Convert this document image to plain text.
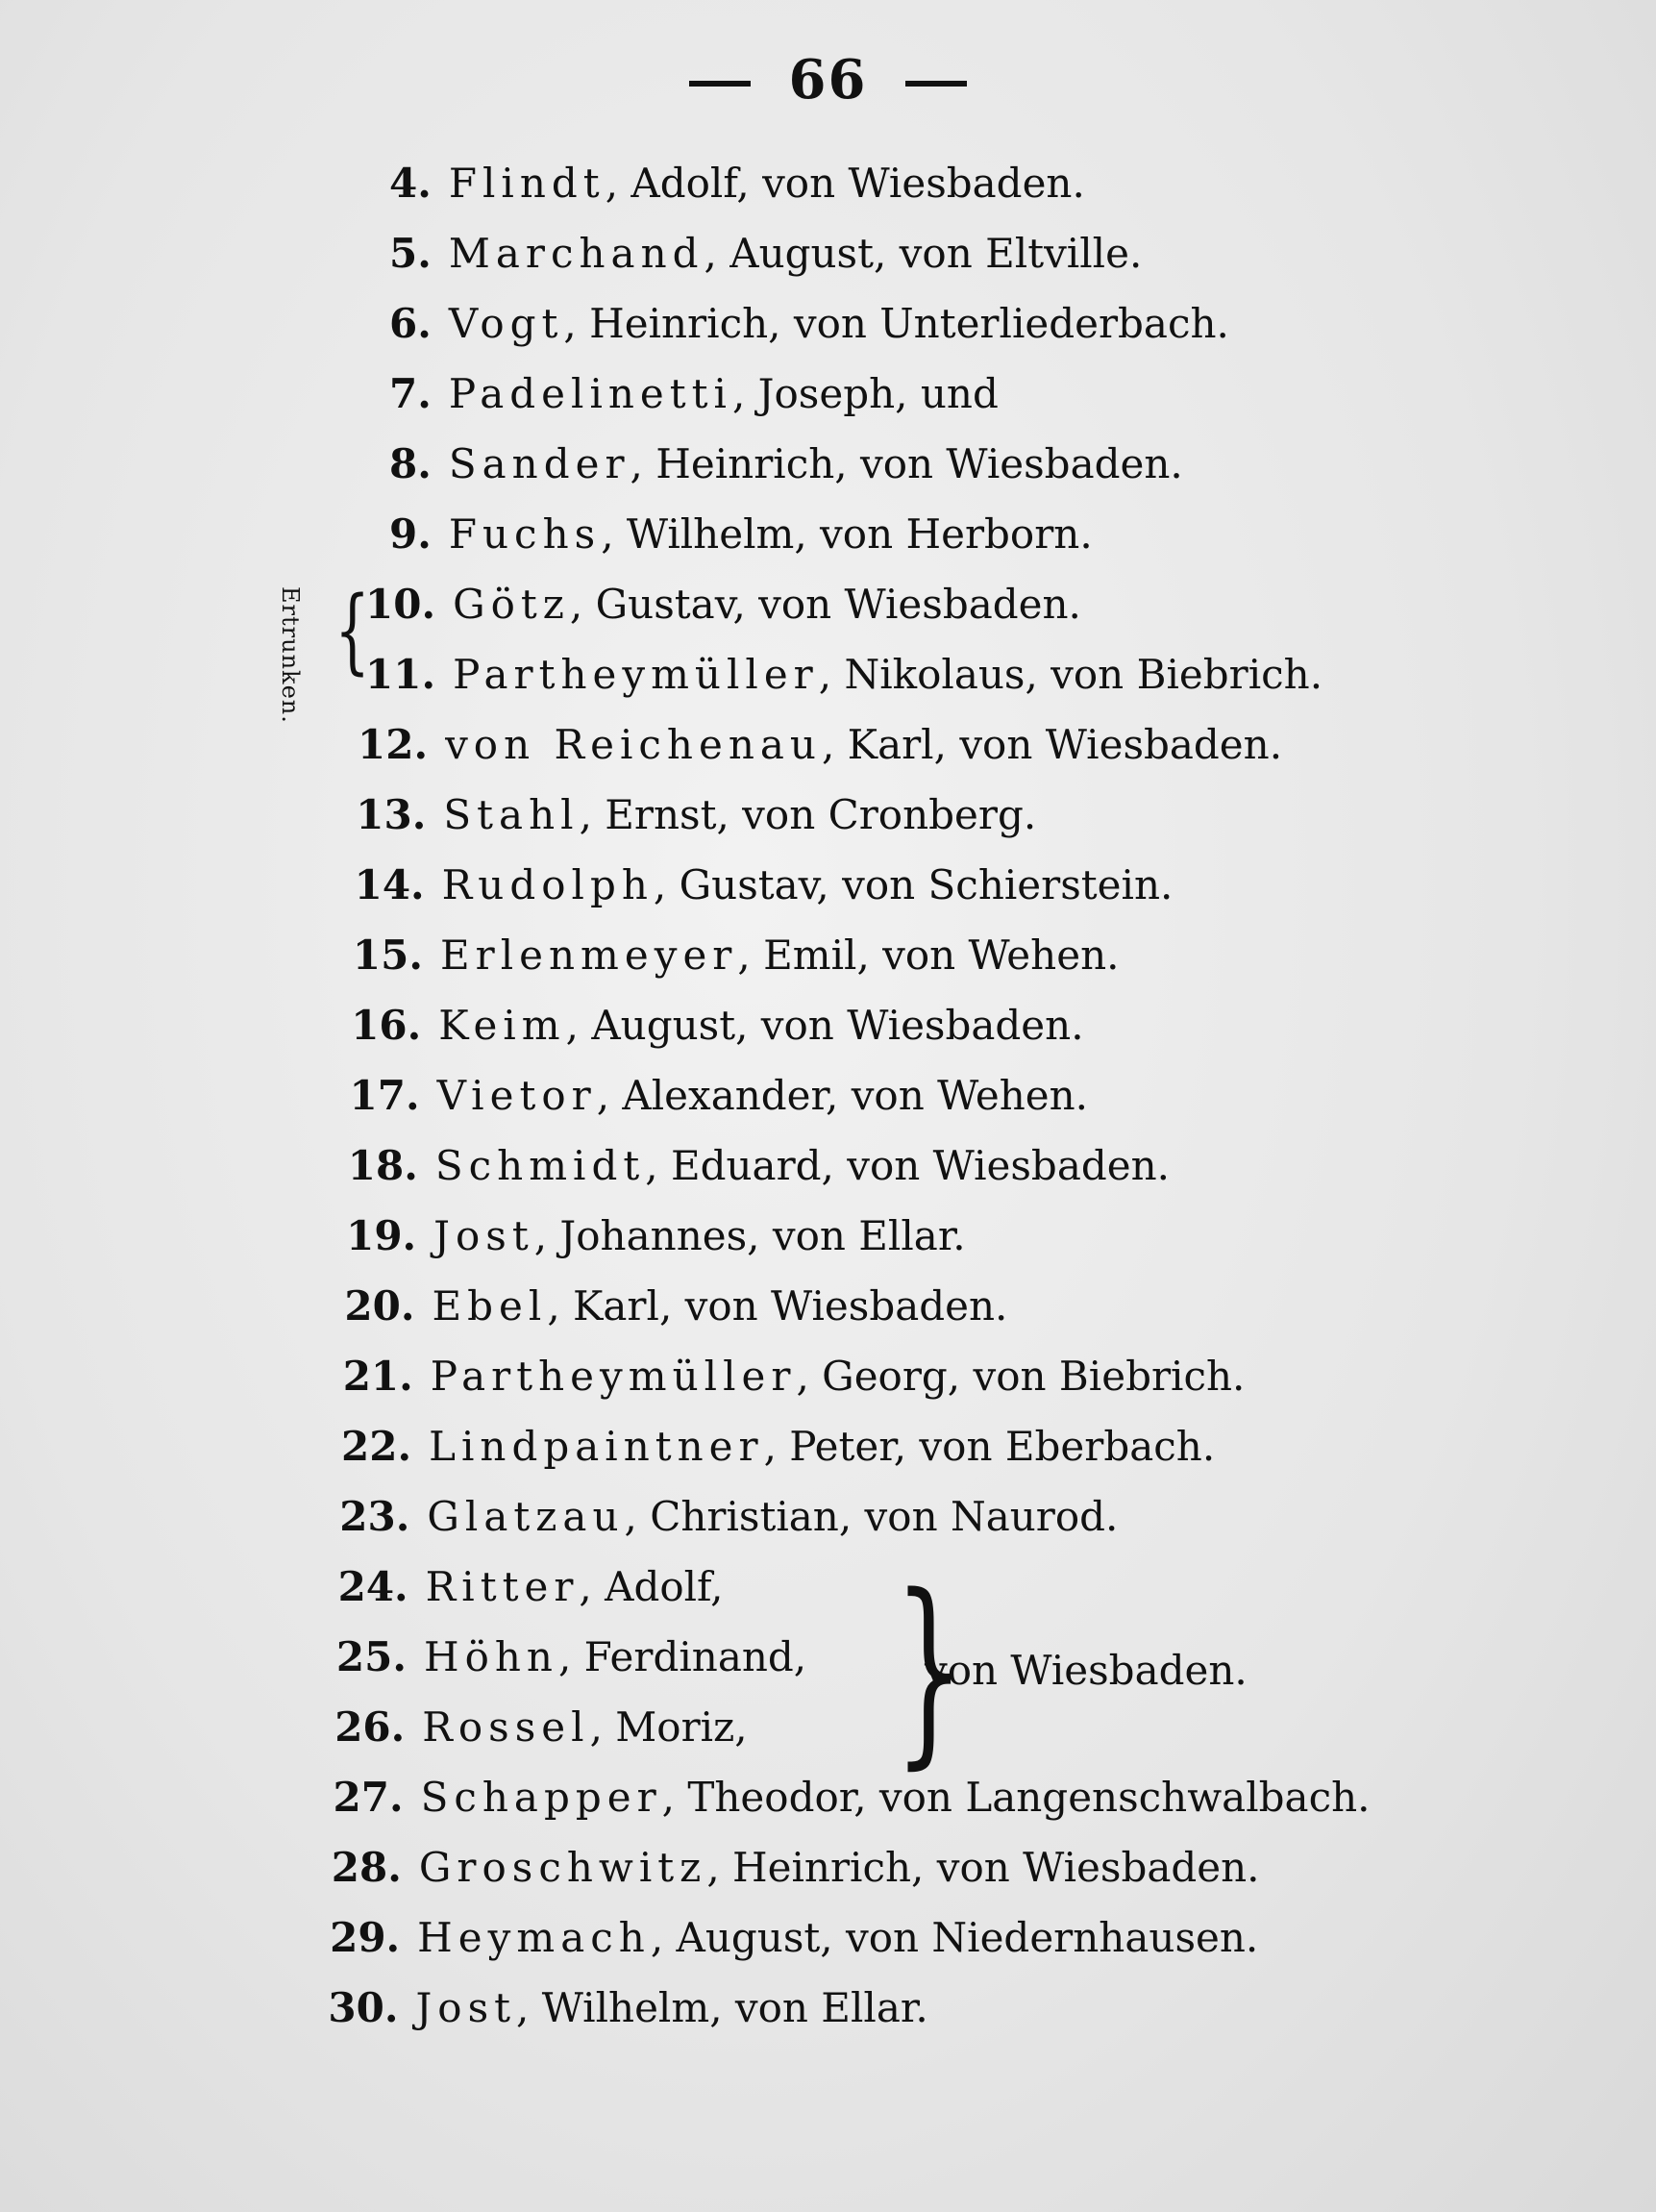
66
Ertrunken. {
4. Flindt, Adolf, von Wiesbaden.
5. Marchand, August, von Eltville.
6. Vogt, Heinrich, von Unterliederbach.
7. Padelinetti, Joseph, und
8. Sander, Heinrich, von Wiesbaden.
9. Fuchs, Wilhelm, von Herborn.
10. Götz, Gustav, von Wiesbaden.
11. Parthеymüller, Nikolaus, von Biebrich.
12. von Reichenau, Karl, von Wiesbaden.
13. Stahl, Ernst, von Cronberg.
14. Rudolph, Gustav, von Schierstein.
15. Erlenmeyer, Emil, von Wehen.
16. Keim, August, von Wiesbaden.
17. Vietor, Alexander, von Wehen.
18. Schmidt, Eduard, von Wiesbaden.
19. Jost, Johannes, von Ellar.
20. Ebel, Karl, von Wiesbaden.
21. Partheymüller, Georg, von Biebrich.
22. Lindpaintner, Peter, von Eberbach.
23. Glatzau, Christian, von Naurod.
24. Ritter, Adolf,
25. Höhn, Ferdinand,
26. Rossel, Moriz,
27. Schapper, Theodor, von Langenschwalbach.
28. Groschwitz, Heinrich, von Wiesbaden.
29. Heymach, August, von Niedernhausen.
30. Jost, Wilhelm, von Ellar.
}
von Wiesbaden.
